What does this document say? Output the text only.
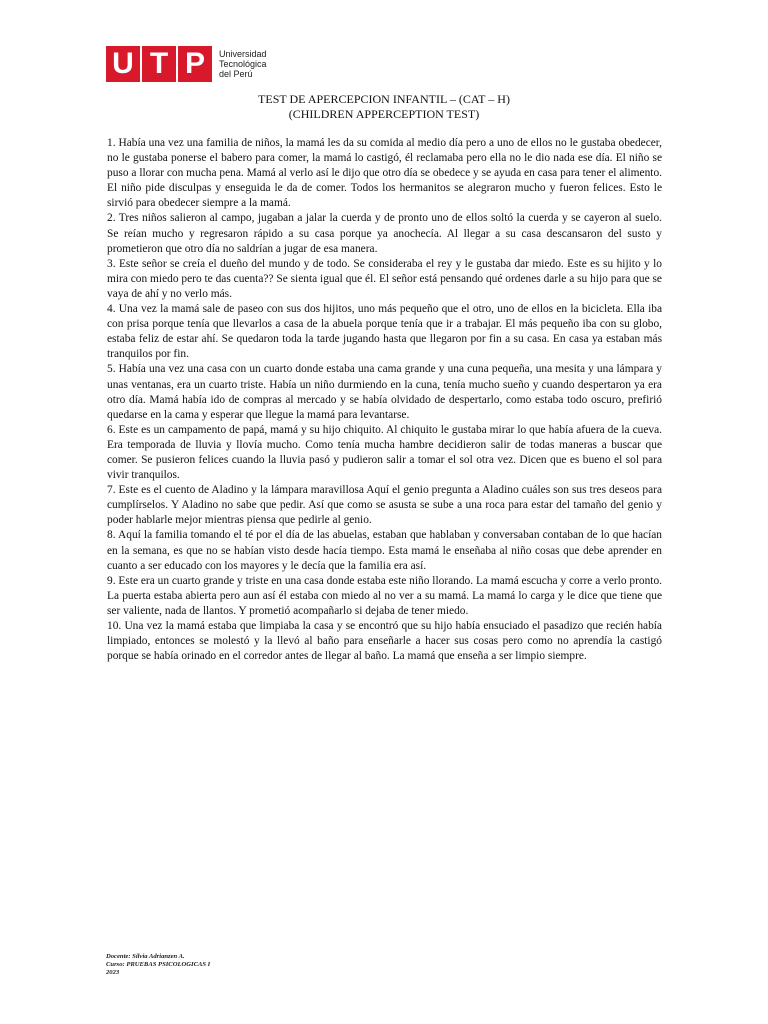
U T P	Universidad
Tecnológica
del Perú
TEST DE APERCEPCION INFANTIL – (CAT – H)
(CHILDREN APPERCEPTION TEST)

1. Había una vez una familia de niños, la mamá les da su comida al medio día pero a uno de ellos no le gustaba obedecer, no le gustaba ponerse el babero para comer, la mamá lo castigó, él reclamaba pero ella no le dio nada ese día. El niño se puso a llorar con mucha pena. Mamá al verlo así le dijo que otro día se obedece y se ayuda en casa para tener el alimento. El niño pide disculpas y enseguida le da de comer. Todos los hermanitos se alegraron mucho y fueron felices. Esto le sirvió para obedecer siempre a la mamá.

2. Tres niños salieron al campo, jugaban a jalar la cuerda y de pronto uno de ellos soltó la cuerda y se cayeron al suelo. Se reían mucho y regresaron rápido a su casa porque ya anochecía. Al llegar a su casa descansaron del susto y prometieron que otro día no saldrían a jugar de esa manera.

3. Este señor se creía el dueño del mundo y de todo. Se consideraba el rey y le gustaba dar miedo. Este es su hijito y lo mira con miedo pero te das cuenta?? Se sienta igual que él. El señor está pensando qué ordenes darle a su hijo para que se vaya de ahí y no verlo más.

4. Una vez la mamá sale de paseo con sus dos hijitos, uno más pequeño que el otro, uno de ellos en la bicicleta. Ella iba con prisa porque tenía que llevarlos a casa de la abuela porque tenía que ir a trabajar. El más pequeño iba con su globo, estaba feliz de estar ahí. Se quedaron toda la tarde jugando hasta que llegaron por fin a su casa. En casa ya estaban más tranquilos por fin.

5. Había una vez una casa con un cuarto donde estaba una cama grande y una cuna pequeña, una mesita y una lámpara y unas ventanas, era un cuarto triste. Había un niño durmiendo en la cuna, tenía mucho sueño y cuando despertaron ya era otro día. Mamá había ido de compras al mercado y se había olvidado de despertarlo, como estaba todo oscuro, prefirió quedarse en la cama y esperar que llegue la mamá para levantarse.

6. Este es un campamento de papá, mamá y su hijo chiquito. Al chiquito le gustaba mirar lo que había afuera de la cueva. Era temporada de lluvia y llovía mucho. Como tenía mucha hambre decidieron salir de todas maneras a buscar que comer. Se pusieron felices cuando la lluvia pasó y pudieron salir a tomar el sol otra vez. Dicen que es bueno el sol para vivir tranquilos.

7. Este es el cuento de Aladino y la lámpara maravillosa Aquí el genio pregunta a Aladino cuáles son sus tres deseos para cumplírselos. Y Aladino no sabe que pedir. Así que como se asusta se sube a una roca para estar del tamaño del genio y poder hablarle mejor mientras piensa que pedirle al genio.

8. Aquí la familia tomando el té por el día de las abuelas, estaban que hablaban y conversaban contaban de lo que hacían en la semana, es que no se habían visto desde hacía tiempo. Esta mamá le enseñaba al niño cosas que debe aprender en cuanto a ser educado con los mayores y le decía que la familia era así.

9. Este era un cuarto grande y triste en una casa donde estaba este niño llorando. La mamá escucha y corre a verlo pronto. La puerta estaba abierta pero aun así él estaba con miedo al no ver a su mamá. La mamá lo carga y le dice que tiene que ser valiente, nada de llantos. Y prometió acompañarlo si dejaba de tener miedo.

10. Una vez la mamá estaba que limpiaba la casa y se encontró que su hijo había ensuciado el pasadizo que recién había limpiado, entonces se molestó y la llevó al baño para enseñarle a hacer sus cosas pero como no aprendía la castigó porque se había orinado en el corredor antes de llegar al baño. La mamá que enseña a ser limpio siempre.

Docente: Silvia Adrianzen A.
Curso: PRUEBAS PSICOLOGICAS I
2023
